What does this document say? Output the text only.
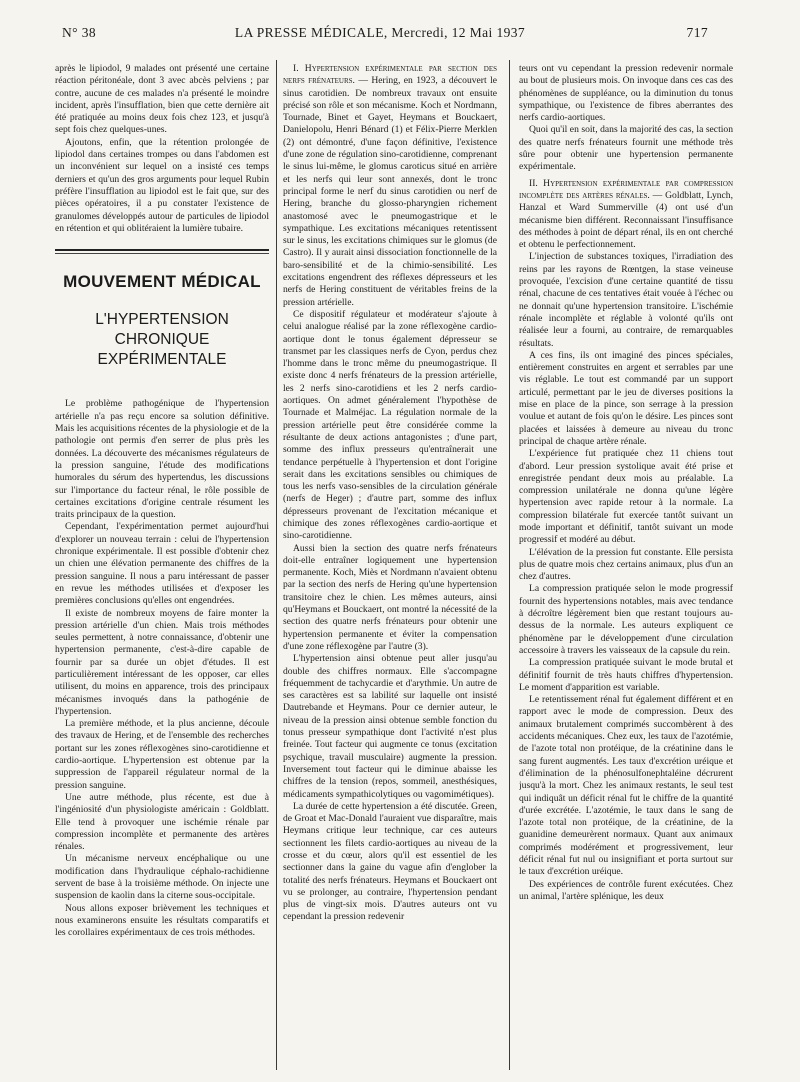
N° 38	LA PRESSE MÉDICALE, Mercredi, 12 Mai 1937	717

après le lipiodol, 9 malades ont présenté une certaine réaction péritonéale, dont 3 avec abcès pelviens ; par contre, aucune de ces malades n'a présenté le moindre incident, après l'insufflation, bien que cette dernière ait été pratiquée au moins deux fois chez 123, et jusqu'à sept fois chez quelques-unes.

Ajoutons, enfin, que la rétention prolongée de lipiodol dans certaines trompes ou dans l'abdomen est un inconvénient sur lequel on a insisté ces temps derniers et qu'un des gros arguments pour lequel Rubin préfère l'insufflation au lipiodol est le fait que, sur des pièces opératoires, il a pu constater l'existence de granulomes développés autour de particules de lipiodol en rétention et qui oblitéraient la lumière tubaire.

MOUVEMENT MÉDICAL
L'HYPERTENSION CHRONIQUE EXPÉRIMENTALE

Le problème pathogénique de l'hypertension artérielle n'a pas reçu encore sa solution définitive. Mais les acquisitions récentes de la physiologie et de la pathologie ont permis d'en serrer de plus près les données. La découverte des mécanismes régulateurs de la pression sanguine, l'étude des modifications humorales du sérum des hypertendus, les discussions sur l'importance du facteur rénal, le rôle possible de certaines excitations d'origine centrale résument les traits principaux de la question.

Cependant, l'expérimentation permet aujourd'hui d'explorer un nouveau terrain : celui de l'hypertension chronique expérimentale. Il est possible d'obtenir chez un chien une élévation permanente des chiffres de la pression sanguine. Il nous a paru intéressant de passer en revue les méthodes utilisées et d'exposer les premières conclusions qu'elles ont engendrées.

Il existe de nombreux moyens de faire monter la pression artérielle d'un chien. Mais trois méthodes seules permettent, à notre connaissance, d'obtenir une hypertension permanente, c'est-à-dire capable de fournir par sa durée un objet d'études. Il est particulièrement intéressant de les opposer, car elles utilisent, du moins en apparence, trois des principaux mécanismes invoqués dans la pathogénie de l'hypertension.

La première méthode, et la plus ancienne, découle des travaux de Hering, et de l'ensemble des recherches portant sur les zones réflexogènes sino-carotidienne et cardio-aortique. L'hypertension est obtenue par la suppression de l'appareil régulateur normal de la pression sanguine.

Une autre méthode, plus récente, est due à l'ingéniosité d'un physiologiste américain : Goldblatt. Elle tend à provoquer une ischémie rénale par compression incomplète et permanente des artères rénales.

Un mécanisme nerveux encéphalique ou une modification dans l'hydraulique céphalo-rachidienne servent de base à la troisième méthode. On injecte une suspension de kaolin dans la citerne sous-occipitale.

Nous allons exposer brièvement les techniques et nous examinerons ensuite les résultats comparatifs et les corollaires expérimentaux de ces trois méthodes.

I. Hypertension expérimentale par section des nerfs frénateurs. — Hering, en 1923, a découvert le sinus carotidien. De nombreux travaux ont ensuite précisé son rôle et son mécanisme. Koch et Nordmann, Tournade, Binet et Gayet, Heymans et Bouckaert, Danielopolu, Henri Bénard (1) et Félix-Pierre Merklen (2) ont démontré, d'une façon définitive, l'existence d'une zone de régulation sino-carotidienne, comprenant le sinus lui-même, le glomus caroticus situé en arrière et les nerfs qui leur sont annexés, dont le tronc principal forme le nerf du sinus carotidien ou nerf de Hering, branche du glosso-pharyngien richement anastomosé avec le pneumogastrique et le sympathique. Les excitations mécaniques retentissent sur le sinus, les excitations chimiques sur le glomus (de Castro). Il y aurait ainsi dissociation fonctionnelle de la baro-sensibilité et de la chimio-sensibilité. Les excitations engendrent des réflexes dépresseurs et les nerfs de Hering constituent de véritables freins de la pression artérielle.

Ce dispositif régulateur et modérateur s'ajoute à celui analogue réalisé par la zone réflexogène cardio-aortique dont le tonus également dépresseur se transmet par les classiques nerfs de Cyon, perdus chez l'homme dans le tronc même du pneumogastrique. Il existe donc 4 nerfs frénateurs de la pression artérielle, les 2 nerfs sino-carotidiens et les 2 nerfs cardio-aortiques. On admet généralement l'hypothèse de Tournade et Malméjac. La régulation normale de la pression artérielle peut être considérée comme la résultante de deux actions antagonistes ; d'une part, somme des influx presseurs qu'entraînerait une tendance perpétuelle à l'hypertension et dont l'origine serait dans les excitations sensibles ou chimiques de tous les nerfs vaso-sensibles de la circulation générale (nerfs de Heger) ; d'autre part, somme des influx dépresseurs provenant de l'excitation mécanique et chimique des zones réflexogènes cardio-aortique et sino-carotidienne.

Aussi bien la section des quatre nerfs frénateurs doit-elle entraîner logiquement une hypertension permanente. Koch, Miès et Nordmann n'avaient obtenu par la section des nerfs de Hering qu'une hypertension transitoire chez le chien. Les mêmes auteurs, ainsi qu'Heymans et Bouckaert, ont montré la nécessité de la section des quatre nerfs frénateurs pour obtenir une hypertension permanente et éviter la compensation d'une zone réflexogène par l'autre (3).

L'hypertension ainsi obtenue peut aller jusqu'au double des chiffres normaux. Elle s'accompagne fréquemment de tachycardie et d'arythmie. Un autre de ses caractères est sa labilité sur laquelle ont insisté Dautrebande et Heymans. Pour ce dernier auteur, le niveau de la pression ainsi obtenue semble fonction du tonus presseur sympathique dont l'activité n'est plus freinée. Tout facteur qui augmente ce tonus (excitation psychique, travail musculaire) augmente la pression. Inversement tout facteur qui le diminue abaisse les chiffres de la tension (repos, sommeil, anesthésiques, médicaments sympathicolytiques ou vagomimétiques).

La durée de cette hypertension a été discutée. Green, de Groat et Mac-Donald l'auraient vue disparaître, mais Heymans critique leur technique, car ces auteurs sectionnent les filets cardio-aortiques au niveau de la crosse et du cœur, alors qu'il est essentiel de les sectionner dans la gaine du vague afin d'englober la totalité des nerfs frénateurs. Heymans et Bouckaert ont vu se prolonger, au contraire, l'hypertension pendant plus de vingt-six mois. D'autres auteurs ont vu cependant la pression redevenir

teurs ont vu cependant la pression redevenir normale au bout de plusieurs mois. On invoque dans ces cas des phénomènes de suppléance, ou la diminution du tonus sympathique, ou l'existence de fibres aberrantes des nerfs cardio-aortiques.

Quoi qu'il en soit, dans la majorité des cas, la section des quatre nerfs frénateurs fournit une méthode très sûre pour obtenir une hypertension permanente expérimentale.

II. Hypertension expérimentale par compression incomplète des artères rénales. — Goldblatt, Lynch, Hanzal et Ward Summerville (4) ont usé d'un mécanisme bien différent. Reconnaissant l'insuffisance des méthodes à point de départ rénal, ils en ont cherché et obtenu le perfectionnement.

L'injection de substances toxiques, l'irradiation des reins par les rayons de Rœntgen, la stase veineuse provoquée, l'excision d'une certaine quantité de tissu rénal, chacune de ces tentatives était vouée à l'échec ou ne donnait qu'une hypertension transitoire. L'ischémie rénale incomplète et réglable à volonté qu'ils ont réalisée leur a fourni, au contraire, de remarquables résultats.

A ces fins, ils ont imaginé des pinces spéciales, entièrement construites en argent et serrables par une vis réglable. Le tout est commandé par un support articulé, permettant par le jeu de diverses positions la mise en place de la pince, son serrage à la pression voulue et autant de fois qu'on le désire. Les pinces sont placées et laissées à demeure au niveau du tronc principal de chaque artère rénale.

L'expérience fut pratiquée chez 11 chiens tout d'abord. Leur pression systolique avait été prise et enregistrée pendant deux mois au préalable. La compression unilatérale ne donna qu'une légère hypertension avec rapide retour à la normale. La compression bilatérale fut exercée tantôt suivant un mode important et définitif, tantôt suivant un mode progressif et modéré au début.

L'élévation de la pression fut constante. Elle persista plus de quatre mois chez certains animaux, plus d'un an chez d'autres.

La compression pratiquée selon le mode progressif fournit des hypertensions notables, mais avec tendance à décroître légèrement bien que restant toujours au-dessus de la normale. Les auteurs expliquent ce phénomène par le développement d'une circulation accessoire à travers les vaisseaux de la capsule du rein.

La compression pratiquée suivant le mode brutal et définitif fournit de très hauts chiffres d'hypertension. Le moment d'apparition est variable.

Le retentissement rénal fut également différent et en rapport avec le mode de compression. Deux des animaux brutalement comprimés succombèrent à des accidents mécaniques. Chez eux, les taux de l'azotémie, de l'azote total non protéique, de la créatinine dans le sang furent augmentés. Les taux d'excrétion uréique et d'élimination de la phénosulfonephtaléine décrurent jusqu'à la mort. Chez les animaux restants, le seul test qui indiquât un déficit rénal fut le chiffre de la quantité d'urée excrétée. L'azotémie, le taux dans le sang de l'azote total non protéique, de la créatinine, de la guanidine demeurèrent normaux. Quant aux animaux comprimés modérément et progressivement, leur déficit rénal fut nul ou insignifiant et porta surtout sur le taux d'excrétion uréique.

Des expériences de contrôle furent exécutées. Chez un animal, l'artère splénique, les deux
